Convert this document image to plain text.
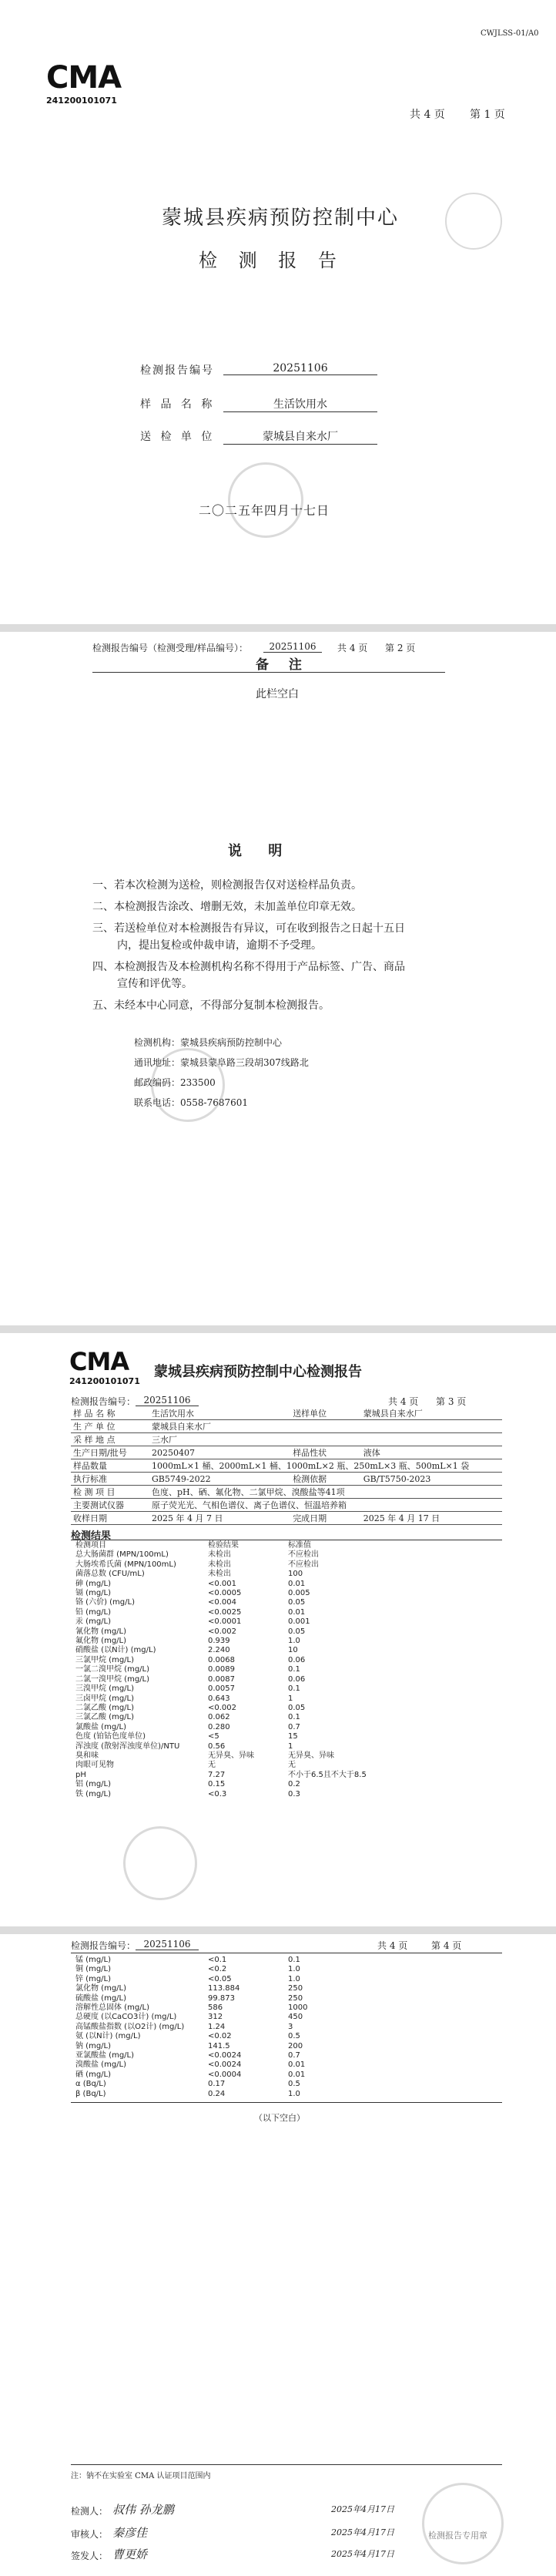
CWJLSS-01/A0
CMA
241200101071
共 4 页 第 1 页
蒙城县疾病预防控制中心
检 测 报 告
检测报告编号	20251106
样 品 名 称	生活饮用水
送 检 单 位	蒙城县自来水厂
二〇二五年四月十七日
检测报告编号（检测受理/样品编号）：	20251106	共 4 页 第 2 页
备 注
此栏空白
说 明
一、若本次检测为送检，则检测报告仅对送检样品负责。
二、本检测报告涂改、增删无效，未加盖单位印章无效。
三、若送检单位对本检测报告有异议，可在收到报告之日起十五日
内，提出复检或仲裁申请，逾期不予受理。
四、本检测报告及本检测机构名称不得用于产品标签、广告、商品
宣传和评优等。
五、未经本中心同意，不得部分复制本检测报告。
检测机构：蒙城县疾病预防控制中心
通讯地址：蒙城县蒙阜路三段胡307线路北
邮政编码：233500
联系电话：0558-7687601
CMA
241200101071
蒙城县疾病预防控制中心检测报告
检测报告编号： 20251106	共 4 页 第 3 页
样 品 名 称	生活饮用水	送样单位	蒙城县自来水厂
生 产 单 位	蒙城县自来水厂		
采 样 地 点	三水厂		
生产日期/批号	20250407	样品性状	液体
样品数量	1000mL×1 桶、2000mL×1 桶、1000mL×2 瓶、250mL×3 瓶、500mL×1 袋		
执行标准	GB5749-2022	检测依据	GB/T5750-2023
检 测 项 目	色度、pH、硒、氟化物、二氯甲烷、溴酸盐等41项		
主要测试仪器	原子荧光光、气相色谱仪、离子色谱仪、恒温培养箱		
收样日期	2025 年 4 月 7 日	完成日期	2025 年 4 月 17 日
检测结果
检测项目	检验结果	标准值
总大肠菌群 (MPN/100mL)	未检出	不应检出
大肠埃希氏菌 (MPN/100mL)	未检出	不应检出
菌落总数 (CFU/mL)	未检出	100
砷 (mg/L)	<0.001	0.01
镉 (mg/L)	<0.0005	0.005
铬 (六价) (mg/L)	<0.004	0.05
铅 (mg/L)	<0.0025	0.01
汞 (mg/L)	<0.0001	0.001
氰化物 (mg/L)	<0.002	0.05
氟化物 (mg/L)	0.939	1.0
硝酸盐 (以N计) (mg/L)	2.240	10
三氯甲烷 (mg/L)	0.0068	0.06
一氯二溴甲烷 (mg/L)	0.0089	0.1
二氯一溴甲烷 (mg/L)	0.0087	0.06
三溴甲烷 (mg/L)	0.0057	0.1
三卤甲烷 (mg/L)	0.643	1
二氯乙酸 (mg/L)	<0.002	0.05
三氯乙酸 (mg/L)	0.062	0.1
氯酸盐 (mg/L)	0.280	0.7
色度 (铂钴色度单位)	<5	15
浑浊度 (散射浑浊度单位)/NTU	0.56	1
臭和味	无异臭、异味	无异臭、异味
肉眼可见物	无	无
pH	7.27	不小于6.5且不大于8.5
铝 (mg/L)	0.15	0.2
铁 (mg/L)	<0.3	0.3
检测报告编号： 20251106	共 4 页	第 4 页
锰 (mg/L)	<0.1	0.1
铜 (mg/L)	<0.2	1.0
锌 (mg/L)	<0.05	1.0
氯化物 (mg/L)	113.884	250
硫酸盐 (mg/L)	99.873	250
溶解性总固体 (mg/L)	586	1000
总硬度 (以CaCO3计) (mg/L)	312	450
高锰酸盐指数 (以O2计) (mg/L)	1.24	3
氨 (以N计) (mg/L)	<0.02	0.5
钠 (mg/L)	141.5	200
亚氯酸盐 (mg/L)	<0.0024	0.7
溴酸盐 (mg/L)	<0.0024	0.01
硒 (mg/L)	<0.0004	0.01
α (Bq/L)	0.17	0.5
β (Bq/L)	0.24	1.0
（以下空白）
注：钠不在实验室 CMA 认证项目范围内
检测人： 叔伟 孙龙鹏	2025年4月17日
审核人： 秦彦佳	2025年4月17日
签发人： 曹更娇	2025年4月17日
检测报告专用章
